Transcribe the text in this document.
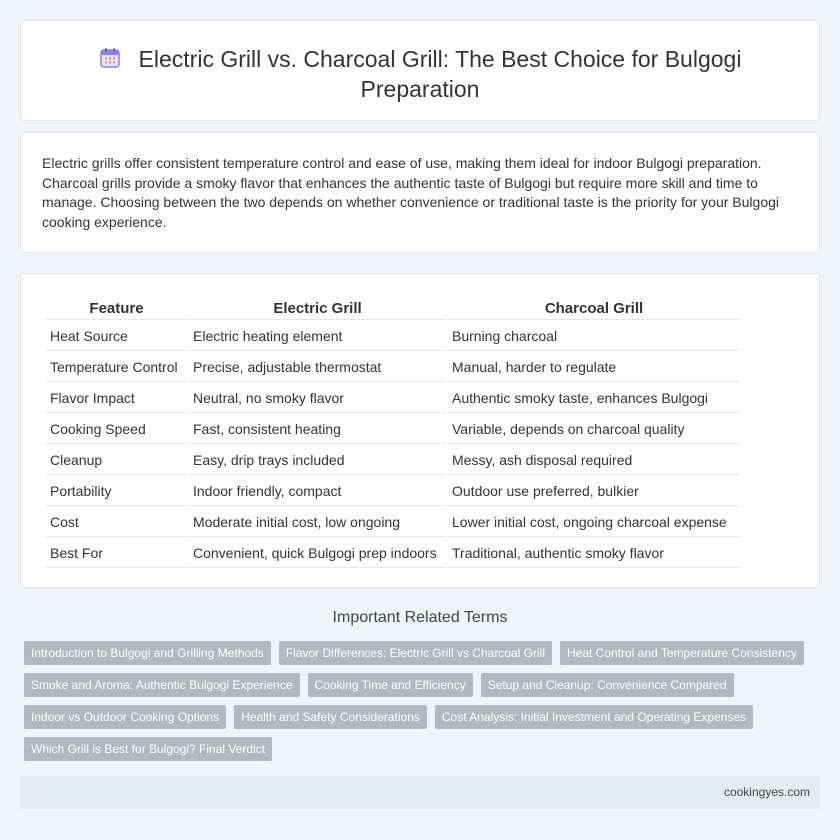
Electric Grill vs. Charcoal Grill: The Best Choice for Bulgogi Preparation

Electric grills offer consistent temperature control and ease of use, making them ideal for indoor Bulgogi preparation. Charcoal grills provide a smoky flavor that enhances the authentic taste of Bulgogi but require more skill and time to manage. Choosing between the two depends on whether convenience or traditional taste is the priority for your Bulgogi cooking experience.

Feature	Electric Grill	Charcoal Grill
Heat Source	Electric heating element	Burning charcoal
Temperature Control	Precise, adjustable thermostat	Manual, harder to regulate
Flavor Impact	Neutral, no smoky flavor	Authentic smoky taste, enhances Bulgogi
Cooking Speed	Fast, consistent heating	Variable, depends on charcoal quality
Cleanup	Easy, drip trays included	Messy, ash disposal required
Portability	Indoor friendly, compact	Outdoor use preferred, bulkier
Cost	Moderate initial cost, low ongoing	Lower initial cost, ongoing charcoal expense
Best For	Convenient, quick Bulgogi prep indoors	Traditional, authentic smoky flavor
Important Related Terms
Introduction to Bulgogi and Grilling Methods	Flavor Differences: Electric Grill vs Charcoal Grill	Heat Control and Temperature Consistency
Smoke and Aroma: Authentic Bulgogi Experience	Cooking Time and Efficiency	Setup and Cleanup: Convenience Compared
Indoor vs Outdoor Cooking Options	Health and Safety Considerations	Cost Analysis: Initial Investment and Operating Expenses
Which Grill is Best for Bulgogi? Final Verdict
cookingyes.com
